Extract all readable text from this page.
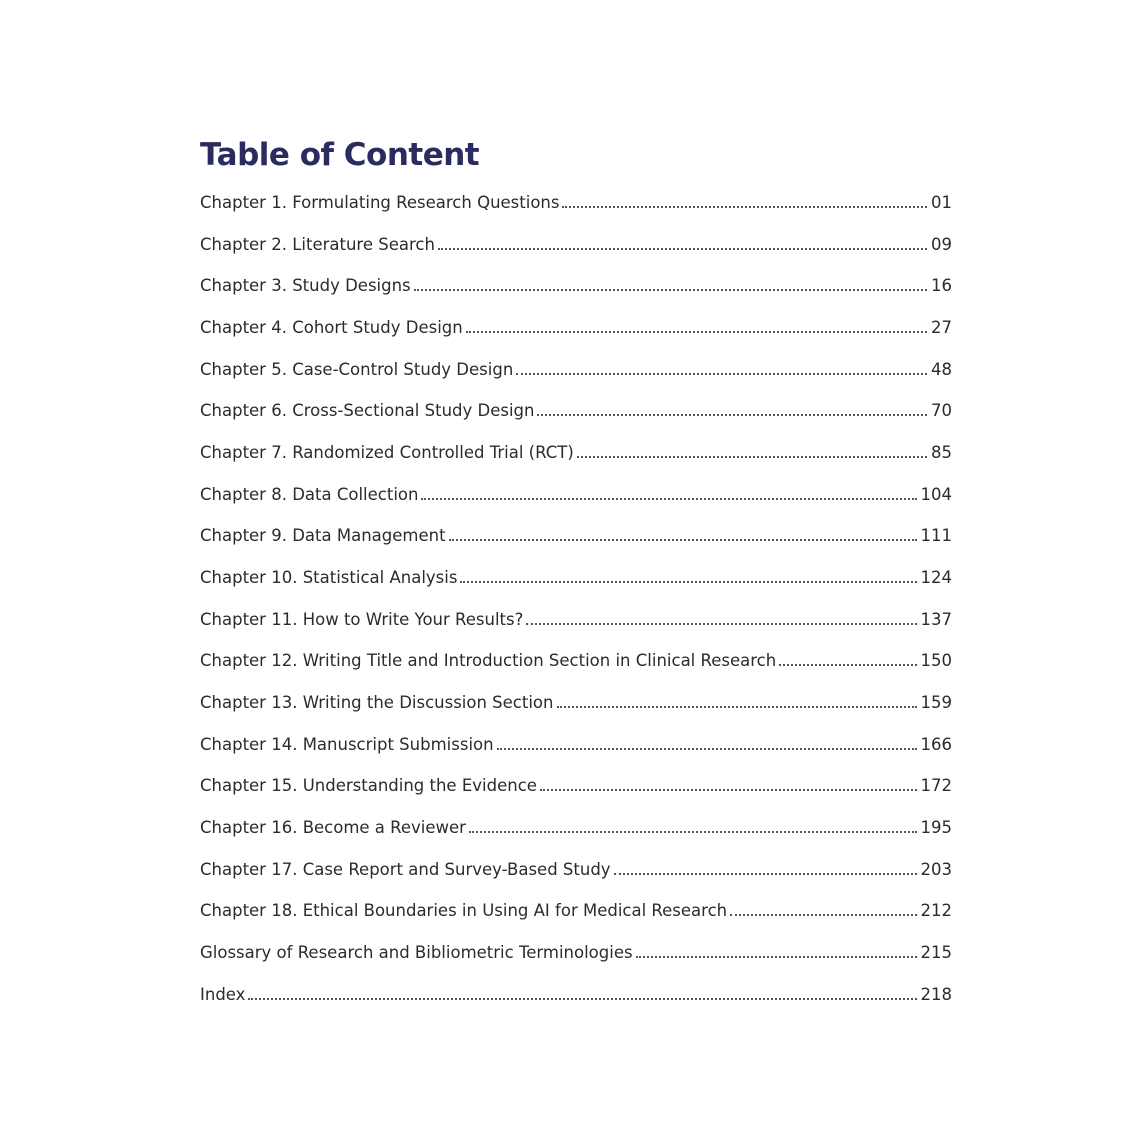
Table of Content
Chapter 1. Formulating Research Questions	01
Chapter 2. Literature Search	09
Chapter 3. Study Designs	16
Chapter 4. Cohort Study Design	27
Chapter 5. Case-Control Study Design	48
Chapter 6. Cross-Sectional Study Design	70
Chapter 7. Randomized Controlled Trial (RCT)	85
Chapter 8. Data Collection	104
Chapter 9. Data Management	111
Chapter 10. Statistical Analysis	124
Chapter 11. How to Write Your Results?	137
Chapter 12. Writing Title and Introduction Section in Clinical Research	150
Chapter 13. Writing the Discussion Section	159
Chapter 14. Manuscript Submission	166
Chapter 15. Understanding the Evidence	172
Chapter 16. Become a Reviewer	195
Chapter 17. Case Report and Survey-Based Study	203
Chapter 18. Ethical Boundaries in Using AI for Medical Research	212
Glossary of Research and Bibliometric Terminologies	215
Index	218
